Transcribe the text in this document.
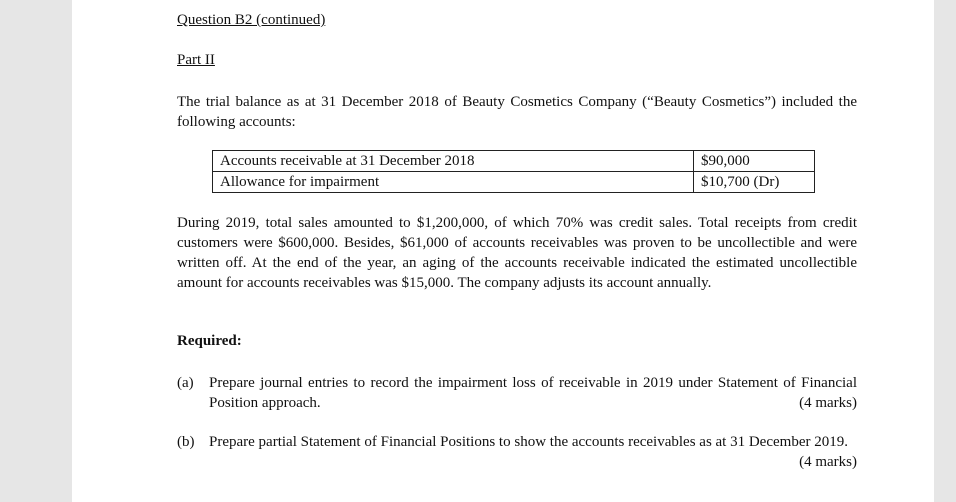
Question B2 (continued)
Part II
The trial balance as at 31 December 2018 of Beauty Cosmetics Company (“Beauty Cosmetics”) included the following accounts:
Accounts receivable at 31 December 2018	$90,000
Allowance for impairment	$10,700 (Dr)
During 2019, total sales amounted to $1,200,000, of which 70% was credit sales. Total receipts from credit customers were $600,000. Besides, $61,000 of accounts receivables was proven to be uncollectible and were written off. At the end of the year, an aging of the accounts receivable indicated the estimated uncollectible amount for accounts receivables was $15,000. The company adjusts its account annually.
Required:
(a) Prepare journal entries to record the impairment loss of receivable in 2019 under Statement of Financial Position approach.	(4 marks)
(b) Prepare partial Statement of Financial Positions to show the accounts receivables as at 31 December 2019.
(4 marks)
